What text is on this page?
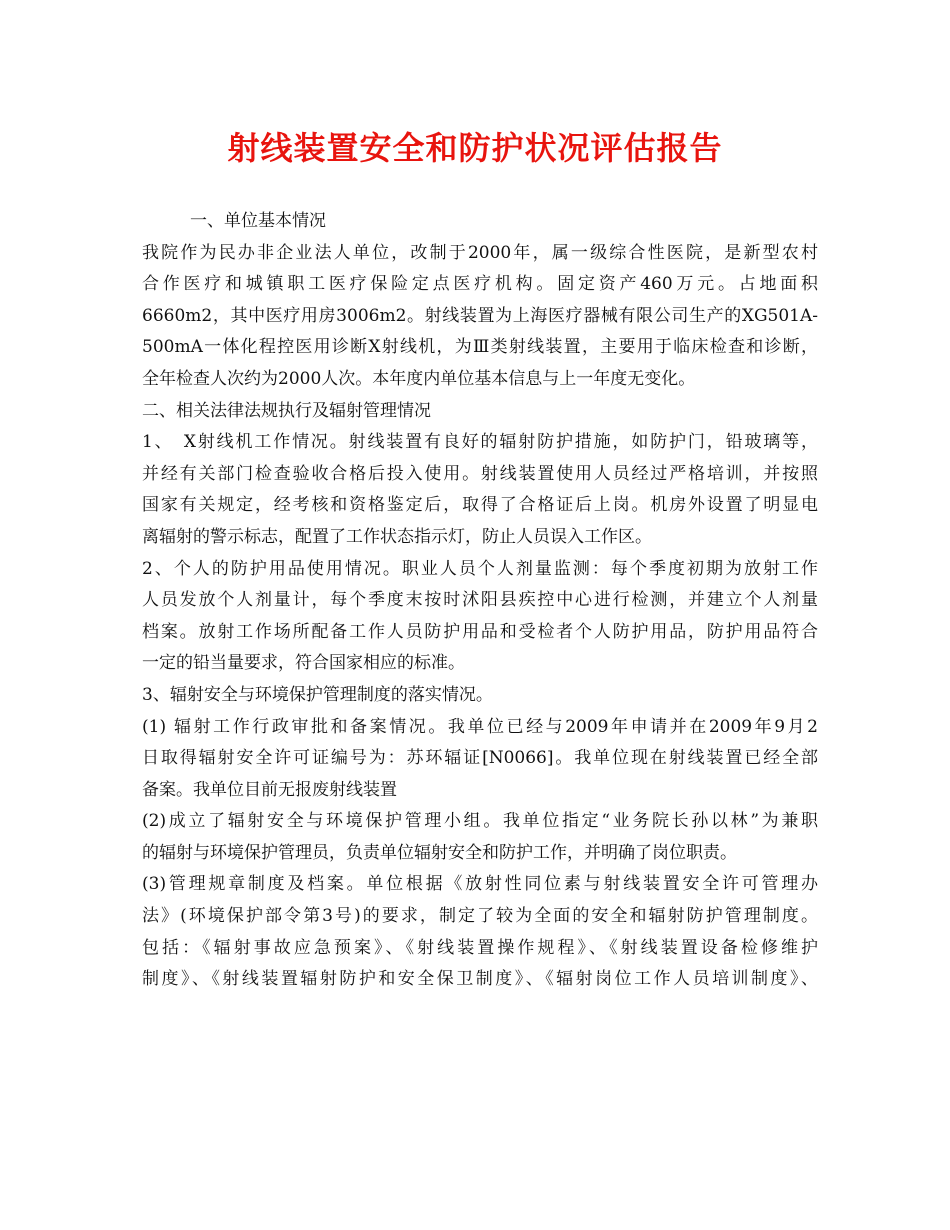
射线装置安全和防护状况评估报告
一、单位基本情况
我院作为民办非企业法人单位，改制于2000年，属一级综合性医院，是新型农村
合作医疗和城镇职工医疗保险定点医疗机构。固定资产460万元。占地面积
6660m2，其中医疗用房3006m2。射线装置为上海医疗器械有限公司生产的XG501A-
500mA一体化程控医用诊断X射线机，为Ⅲ类射线装置，主要用于临床检查和诊断，
全年检查人次约为2000人次。本年度内单位基本信息与上一年度无变化。
二、相关法律法规执行及辐射管理情况
1、　X射线机工作情况。射线装置有良好的辐射防护措施，如防护门，铅玻璃等，
并经有关部门检查验收合格后投入使用。射线装置使用人员经过严格培训，并按照
国家有关规定，经考核和资格鉴定后，取得了合格证后上岗。机房外设置了明显电
离辐射的警示标志，配置了工作状态指示灯，防止人员误入工作区。
2、个人的防护用品使用情况。职业人员个人剂量监测：每个季度初期为放射工作
人员发放个人剂量计，每个季度末按时沭阳县疾控中心进行检测，并建立个人剂量
档案。放射工作场所配备工作人员防护用品和受检者个人防护用品，防护用品符合
一定的铅当量要求，符合国家相应的标准。
3、辐射安全与环境保护管理制度的落实情况。
(1) 辐射工作行政审批和备案情况。我单位已经与2009年申请并在2009年9月2
日取得辐射安全许可证编号为：苏环辐证[N0066]。我单位现在射线装置已经全部
备案。我单位目前无报废射线装置
(2)成立了辐射安全与环境保护管理小组。我单位指定“业务院长孙以林”为兼职
的辐射与环境保护管理员，负责单位辐射安全和防护工作，并明确了岗位职责。
(3)管理规章制度及档案。单位根据《放射性同位素与射线装置安全许可管理办
法》(环境保护部令第3号)的要求，制定了较为全面的安全和辐射防护管理制度。
包括：《辐射事故应急预案》、《射线装置操作规程》、《射线装置设备检修维护
制度》、《射线装置辐射防护和安全保卫制度》、《辐射岗位工作人员培训制度》、
